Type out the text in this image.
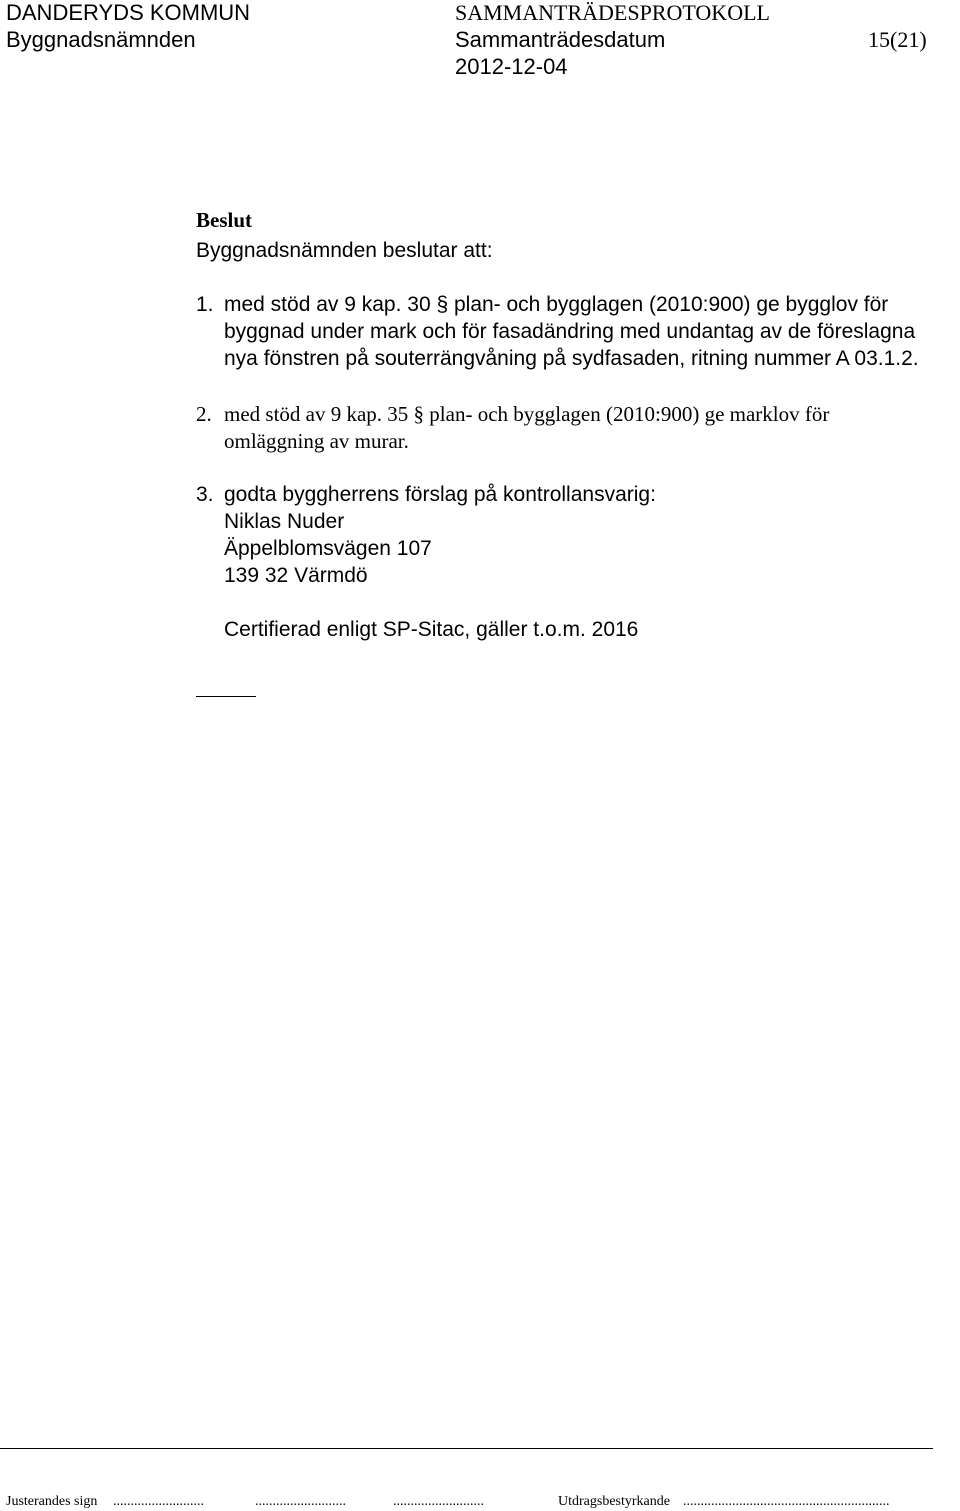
DANDERYDS KOMMUN
Byggnadsnämnden
SAMMANTRÄDESPROTOKOLL
Sammanträdesdatum
2012-12-04
15(21)
Beslut
Byggnadsnämnden beslutar att:
1. med stöd av 9 kap. 30 § plan- och bygglagen (2010:900) ge bygglov för
byggnad under mark och för fasadändring med undantag av de föreslagna
nya fönstren på souterrängvåning på sydfasaden, ritning nummer A 03.1.2.
2. med stöd av 9 kap. 35 § plan- och bygglagen (2010:900) ge marklov för
omläggning av murar.
3. godta byggherrens förslag på kontrollansvarig:
Niklas Nuder
Äppelblomsvägen 107
139 32 Värmdö
Certifierad enligt SP-Sitac, gäller t.o.m. 2016
Justerandes sign ..........................	..........................	..........................	Utdragsbestyrkande ...........................................................
